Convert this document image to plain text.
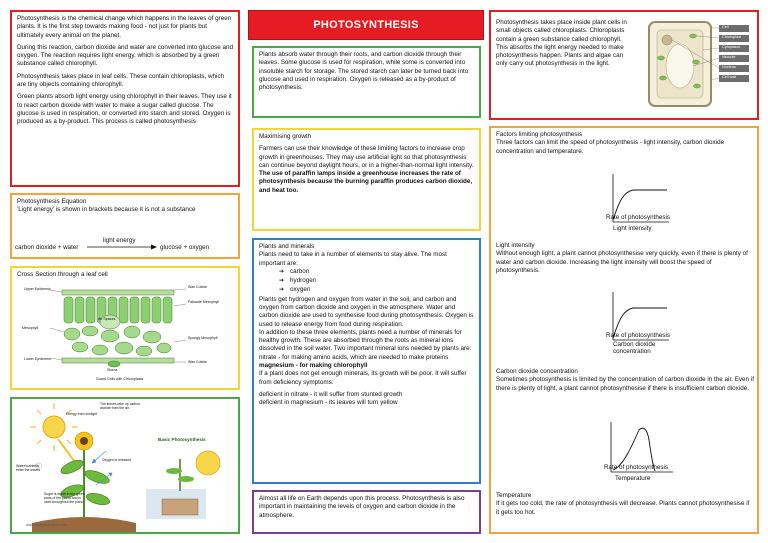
PHOTOSYNTHESIS

Photosynthesis is the chemical change which happens in the leaves of green plants. It is the first step towards making food - not just for plants but ultimately every animal on the planet.

During this reaction, carbon dioxide and water are converted into glucose and oxygen. The reaction requires light energy, which is absorbed by a green substance called chlorophyll.

Photosynthesis takes place in leaf cells. These contain chloroplasts, which are tiny objects containing chlorophyll.

Green plants absorb light energy using chlorophyll in their leaves. They use it to react carbon dioxide with water to make a sugar called glucose. The glucose is used in respiration, or converted into starch and stored. Oxygen is produced as a by-product. This process is called photosynthesis

Photosynthesis Equation
'Light energy' is shown in brackets because it is not a substance
carbon dioxide + water
light energy
glucose + oxygen
Cross Section through a leaf cell
Upper Epidermis
Mesophyll
Lower Epidermis
Wax Cuticle
Palisade Mesophyll
Spongy Mesophyll
Wax Cuticle
Stoma
Guard Cells with Chloroplasts
Air Spaces
©
The leaves take up carbon dioxide from the air.
Energy from sunlight
Oxygen is released
Water/nutrients enter the leaves
Sugar is made in the green parts of the plants and is used throughout the plant.
Basic Photosynthesis
www.exploringnature.com
Plants absorb water through their roots, and carbon dioxide through their leaves. Some glucose is used for respiration, while some is converted into insoluble starch for storage. The stored starch can later be turned back into glucose and used in respiration. Oxygen is released as a by-product of photosynthesis.

Maximising growth

Farmers can use their knowledge of these limiting factors to increase crop growth in greenhouses. They may use artificial light so that photosynthesis can continue beyond daylight hours, or in a higher-than-normal light intensity. The use of paraffin lamps inside a greenhouse increases the rate of photosynthesis because the burning paraffin produces carbon dioxide, and heat too.
Plants and minerals
Plants need to take in a number of elements to stay alive. The most important are:
➔ carbon
➔ hydrogen
➔ oxygen
Plants get hydrogen and oxygen from water in the soil, and carbon and oxygen from carbon dioxide and oxygen in the atmosphere. Water and carbon dioxide are used to synthesise food during photosynthesis. Oxygen is used to release energy from food during respiration.
In addition to these three elements, plants need a number of minerals for healthy growth. These are absorbed through the roots as mineral ions dissolved in the soil water. Two important mineral ions needed by plants are:
nitrate - for making amino acids, which are needed to make proteins
magnesium - for making chlorophyll

If a plant does not get enough minerals, its growth will be poor. It will suffer from deficiency symptoms:

deficient in nitrate - it will suffer from stunted growth
deficient in magnesium - its leaves will turn yellow
Almost all life on Earth depends upon this process. Photosynthesis is also important in maintaining the levels of oxygen and carbon dioxide in the atmosphere.
Photosynthesis takes place inside plant cells in small objects called chloroplasts. Chloroplasts contain a green substance called chlorophyll. This absorbs the light energy needed to make photosynthesis happen. Plants and algae can only carry out photosynthesis in the light.
Cell
Chloroplast
Cytoplasm
Vacuole
Nucleus
Cell wall
Factors limiting photosynthesis
Three factors can limit the speed of photosynthesis - light intensity, carbon dioxide concentration and temperature.
Rate of photosynthesis
Light intensity
Light intensity
Without enough light, a plant cannot photosynthesise very quickly, even if there is plenty of water and carbon dioxide. Increasing the light intensity will boost the speed of photosynthesis.
Rate of photosynthesis
Carbon dioxide concentration
Carbon dioxide concentration
Sometimes photosynthesis is limited by the concentration of carbon dioxide in the air. Even if there is plenty of light, a plant cannot photosynthesise if there is insufficient carbon dioxide.
Rate of photosynthesis
Temperature
Temperature
If it gets too cold, the rate of photosynthesis will decrease. Plants cannot photosynthesise if it gets too hot.
